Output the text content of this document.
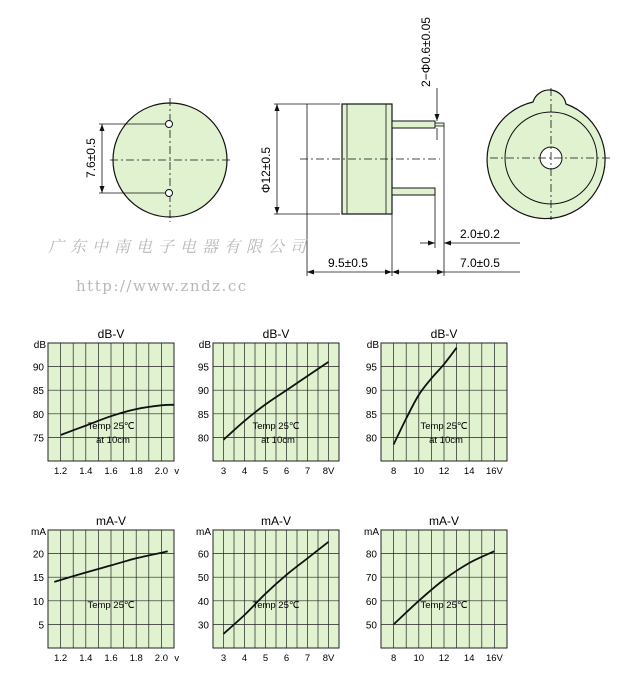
7.6±0.5	Φ12±0.5
2−Φ0.6±0.05
2.0±0.2
9.5±0.5	7.0±0.5
广东中南电子电器有限公司
http://www.zndz.cc
dB-V
dB
75
80
85
90
1.2 1.4 1.6 1.8 2.0 v
Temp 25℃
at 10cm
dB-V
dB
80
85
90
95
3 4 5 6 7 8V
Temp 25℃
at 10cm
dB-V
dB
80
85
90
95
8 10 12 14 16V
Temp 25℃
at 10cm
mA-V
mA
5
10
15
20
1.2 1.4 1.6 1.8 2.0 v
Temp 25℃
mA-V
mA
30
40
50
60
3 4 5 6 7 8V
Temp 25℃
mA-V
mA
50
60
70
80
8 10 12 14 16V
Temp 25℃
